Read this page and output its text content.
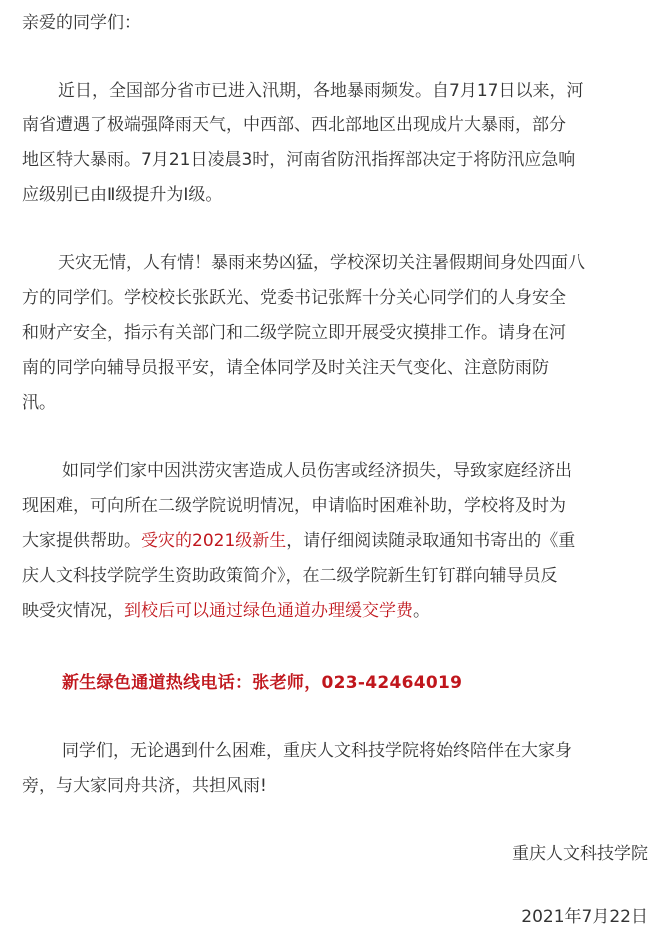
亲爱的同学们：
近日，全国部分省市已进入汛期，各地暴雨频发。自7月17日以来，河
南省遭遇了极端强降雨天气，中西部、西北部地区出现成片大暴雨，部分
地区特大暴雨。7月21日凌晨3时，河南省防汛指挥部决定于将防汛应急响
应级别已由Ⅱ级提升为Ⅰ级。
天灾无情，人有情！暴雨来势凶猛，学校深切关注暑假期间身处四面八
方的同学们。学校校长张跃光、党委书记张辉十分关心同学们的人身安全
和财产安全，指示有关部门和二级学院立即开展受灾摸排工作。请身在河
南的同学向辅导员报平安，请全体同学及时关注天气变化、注意防雨防
汛。
如同学们家中因洪涝灾害造成人员伤害或经济损失，导致家庭经济出
现困难，可向所在二级学院说明情况，申请临时困难补助，学校将及时为
大家提供帮助。受灾的2021级新生，请仔细阅读随录取通知书寄出的《重
庆人文科技学院学生资助政策简介》，在二级学院新生钉钉群向辅导员反
映受灾情况，到校后可以通过绿色通道办理缓交学费。
新生绿色通道热线电话：张老师，023-42464019
同学们，无论遇到什么困难，重庆人文科技学院将始终陪伴在大家身
旁，与大家同舟共济，共担风雨!
重庆人文科技学院
2021年7月22日
